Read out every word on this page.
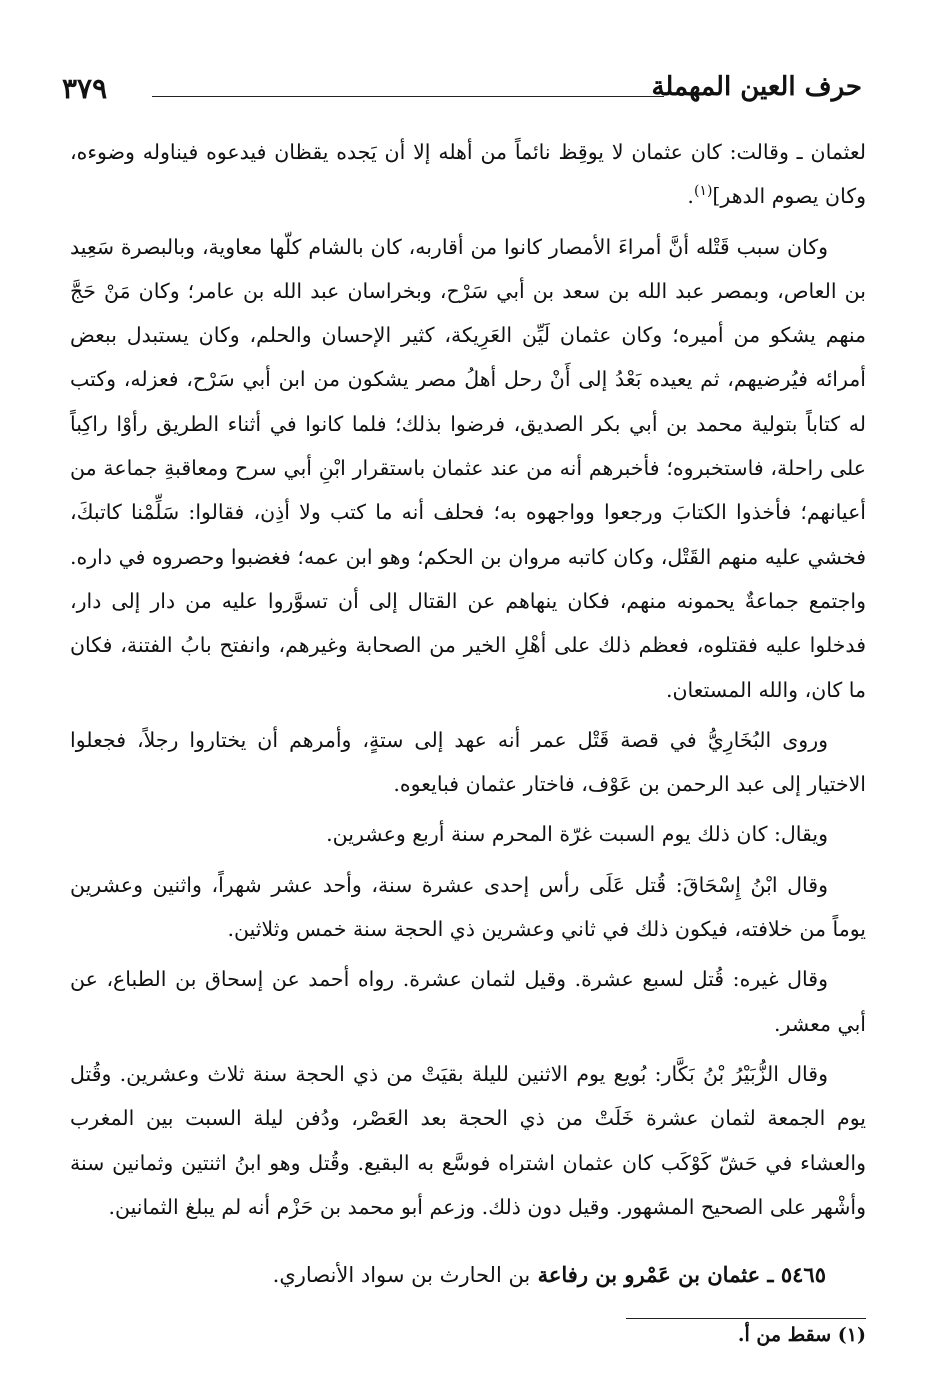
حرف العين المهملة
٣٧٩

لعثمان ـ وقالت: كان عثمان لا يوقِظ نائماً من أهله إلا أن يَجده يقظان فيدعوه فيناوله وضوءه، وكان يصوم الدهر]$^{(١)}$.

وكان سبب قَتْله أنَّ أمراءَ الأمصار كانوا من أقاربه، كان بالشام كلّها معاوية، وبالبصرة سَعِيد بن العاص، وبمصر عبد الله بن سعد بن أبي سَرْح، وبخراسان عبد الله بن عامر؛ وكان مَنْ حَجَّ منهم يشكو من أميره؛ وكان عثمان لَيِّن العَرِيكة، كثير الإحسان والحلم، وكان يستبدل ببعض أمرائه فيُرضيهم، ثم يعيده بَعْدُ إلى أَنْ رحل أهلُ مصر يشكون من ابن أبي سَرْح، فعزله، وكتب له كتاباً بتولية محمد بن أبي بكر الصديق، فرضوا بذلك؛ فلما كانوا في أثناء الطريق رأوْا راكِباً على راحلة، فاستخبروه؛ فأخبرهم أنه من عند عثمان باستقرار ابْنِ أبي سرح ومعاقبةِ جماعة من أعيانهم؛ فأخذوا الكتابَ ورجعوا وواجهوه به؛ فحلف أنه ما كتب ولا أذِن، فقالوا: سَلِّمْنا كاتبكَ، فخشي عليه منهم القَتْل، وكان كاتبه مروان بن الحكم؛ وهو ابن عمه؛ فغضبوا وحصروه في داره. واجتمع جماعةٌ يحمونه منهم، فكان ينهاهم عن القتال إلى أن تسوَّروا عليه من دار إلى دار، فدخلوا عليه فقتلوه، فعظم ذلك على أهْلِ الخير من الصحابة وغيرهم، وانفتح بابُ الفتنة، فكان ما كان، والله المستعان.

وروى البُخَارِيُّ في قصة قَتْل عمر أنه عهد إلى ستةٍ، وأمرهم أن يختاروا رجلاً، فجعلوا الاختيار إلى عبد الرحمن بن عَوْف، فاختار عثمان فبايعوه.

ويقال: كان ذلك يوم السبت غرّة المحرم سنة أربع وعشرين.

وقال ابْنُ إِسْحَاقَ: قُتل عَلَى رأس إحدى عشرة سنة، وأحد عشر شهراً، واثنين وعشرين يوماً من خلافته، فيكون ذلك في ثاني وعشرين ذي الحجة سنة خمس وثلاثين.

وقال غيره: قُتل لسبع عشرة. وقيل لثمان عشرة. رواه أحمد عن إسحاق بن الطباع، عن أبي معشر.

وقال الزُّبَيْرُ بْنُ بَكَّار: بُويع يوم الاثنين لليلة بقيَتْ من ذي الحجة سنة ثلاث وعشرين. وقُتل يوم الجمعة لثمان عشرة خَلَتْ من ذي الحجة بعد العَصْر، ودُفن ليلة السبت بين المغرب والعشاء في حَشّ كَوْكَب كان عثمان اشتراه فوسَّع به البقيع. وقُتل وهو ابنُ اثنتين وثمانين سنة وأشْهر على الصحيح المشهور. وقيل دون ذلك. وزعم أبو محمد بن حَزْم أنه لم يبلغ الثمانين.

٥٤٦٥ ـ عثمان بن عَمْرو بن رفاعة بن الحارث بن سواد الأنصاري.
(١) سقط من أ.
